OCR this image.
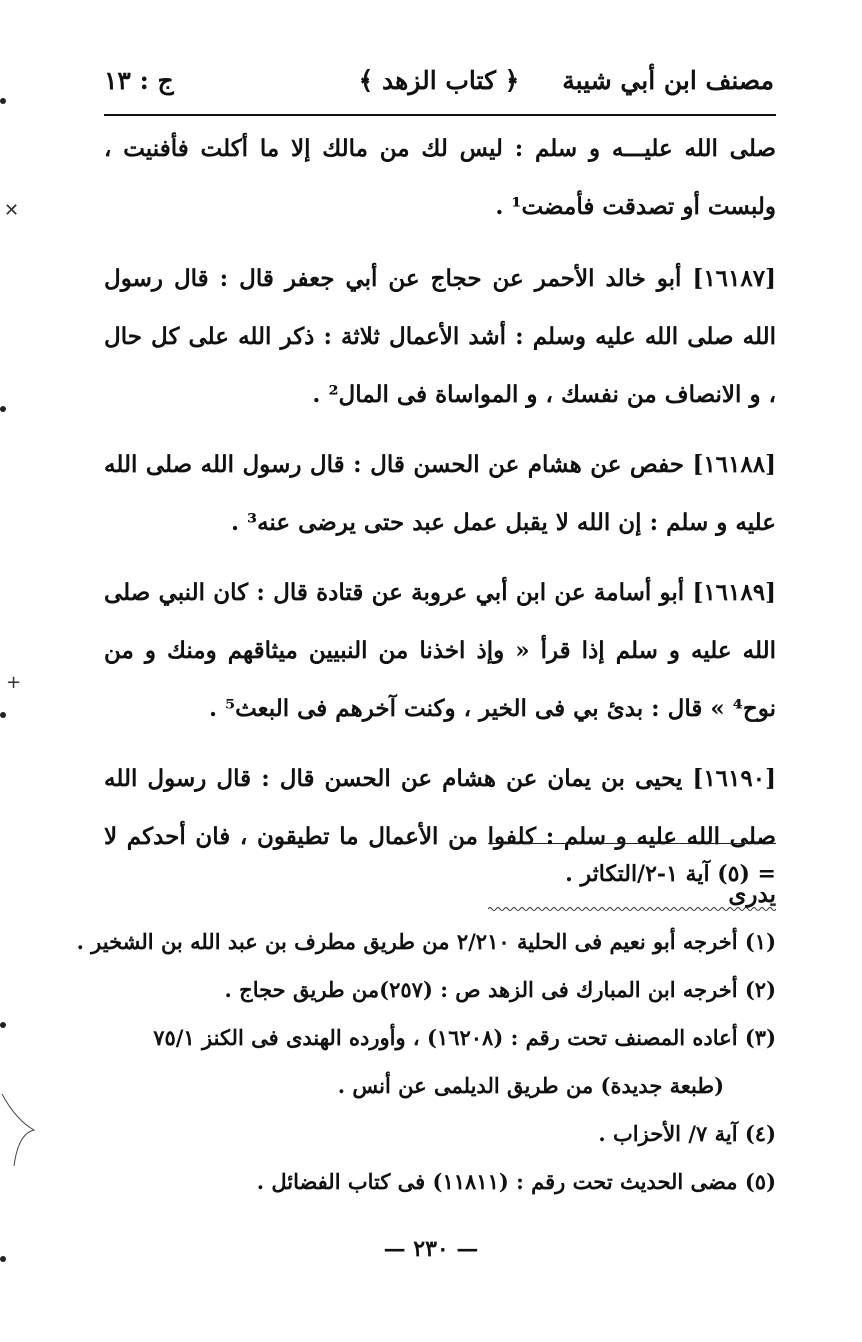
مصنف ابن أبي شيبة
﴿ كتاب الزهد ﴾
ج : ١٣

صلى الله عليـــه و سلم : ليس لك من مالك إلا ما أكلت فأفنيت ، ولبست أو تصدقت فأمضت¹ .

[١٦١٨٧] أبو خالد الأحمر عن حجاج عن أبي جعفر قال : قال رسول الله صلى الله عليه وسلم : أشد الأعمال ثلاثة : ذكر الله على كل حال ، و الانصاف من نفسك ، و المواساة فى المال² .

[١٦١٨٨] حفص عن هشام عن الحسن قال : قال رسول الله صلى الله عليه و سلم : إن الله لا يقبل عمل عبد حتى يرضى عنه³ .

[١٦١٨٩] أبو أسامة عن ابن أبي عروبة عن قتادة قال : كان النبي صلى الله عليه و سلم إذا قرأ « وإذ اخذنا من النبيين ميثاقهم ومنك و من نوح⁴ » قال : بدئ بي فى الخير ، وكنت آخرهم فى البعث⁵ .

[١٦١٩٠] يحيى بن يمان عن هشام عن الحسن قال : قال رسول الله صلى الله عليه و سلم : كلفوا من الأعمال ما تطيقون ، فان أحدكم لا يدرى

= (٥) آية ١-٢/التكاثر .
(١) أخرجه أبو نعيم فى الحلية ٢/٢١٠ من طريق مطرف بن عبد الله بن الشخير .
(٢) أخرجه ابن المبارك فى الزهد ص : (٢٥٧)من طريق حجاج .
(٣) أعاده المصنف تحت رقم : (١٦٢٠٨) ، وأورده الهندى فى الكنز ٧٥/١
(طبعة جديدة) من طريق الديلمى عن أنس .
(٤) آية ٧/ الأحزاب .
(٥) مضى الحديث تحت رقم : (١١٨١١) فى كتاب الفضائل .
— ٢٣٠ —
✕
+
